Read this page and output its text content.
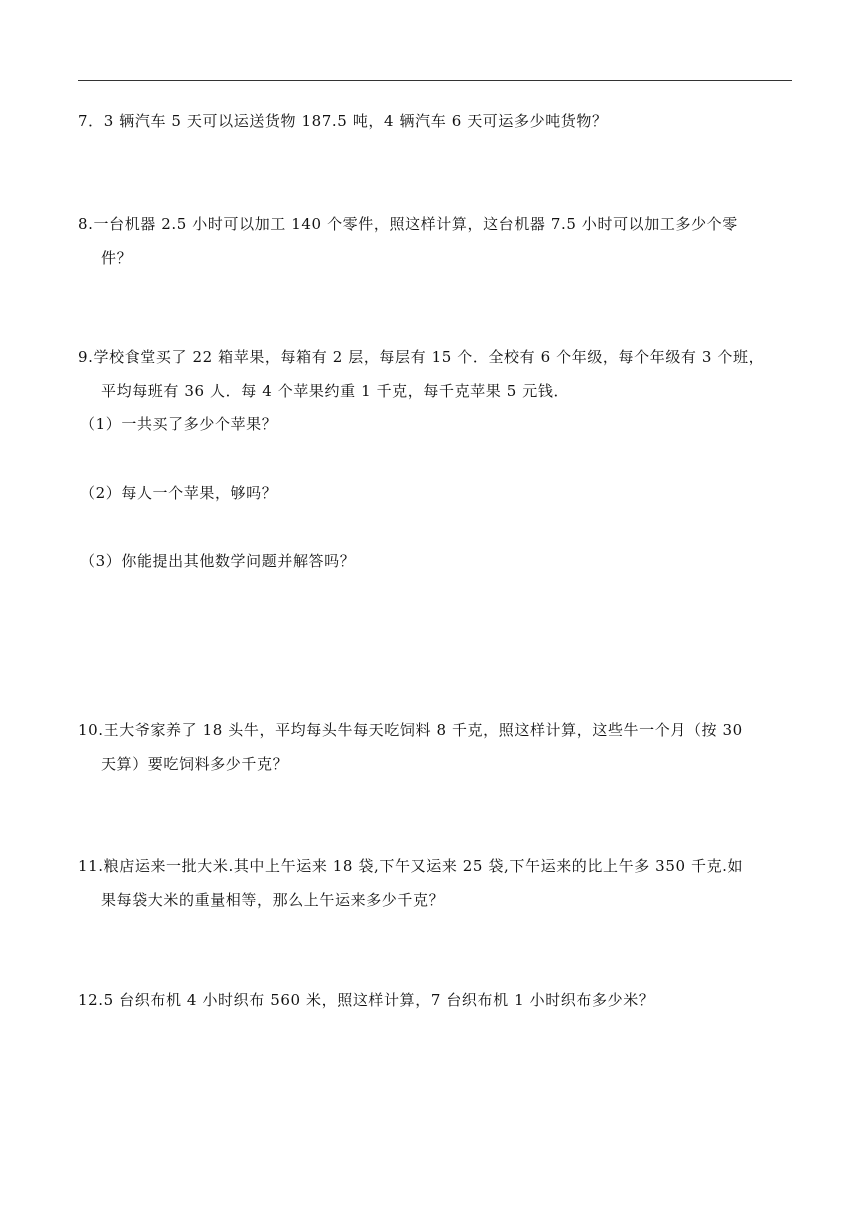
7．3 辆汽车 5 天可以运送货物 187.5 吨，4 辆汽车 6 天可运多少吨货物？

8.一台机器 2.5 小时可以加工 140 个零件，照这样计算，这台机器 7.5 小时可以加工多少个零
件？

9.学校食堂买了 22 箱苹果，每箱有 2 层，每层有 15 个．全校有 6 个年级，每个年级有 3 个班，
平均每班有 36 人．每 4 个苹果约重 1 千克，每千克苹果 5 元钱．

（1）一共买了多少个苹果？

（2）每人一个苹果，够吗？

（3）你能提出其他数学问题并解答吗？

10.王大爷家养了 18 头牛，平均每头牛每天吃饲料 8 千克，照这样计算，这些牛一个月（按 30
天算）要吃饲料多少千克？

11.粮店运来一批大米.其中上午运来 18 袋,下午又运来 25 袋,下午运来的比上午多 350 千克.如
果每袋大米的重量相等，那么上午运来多少千克？

12.5 台织布机 4 小时织布 560 米，照这样计算，7 台织布机 1 小时织布多少米？
